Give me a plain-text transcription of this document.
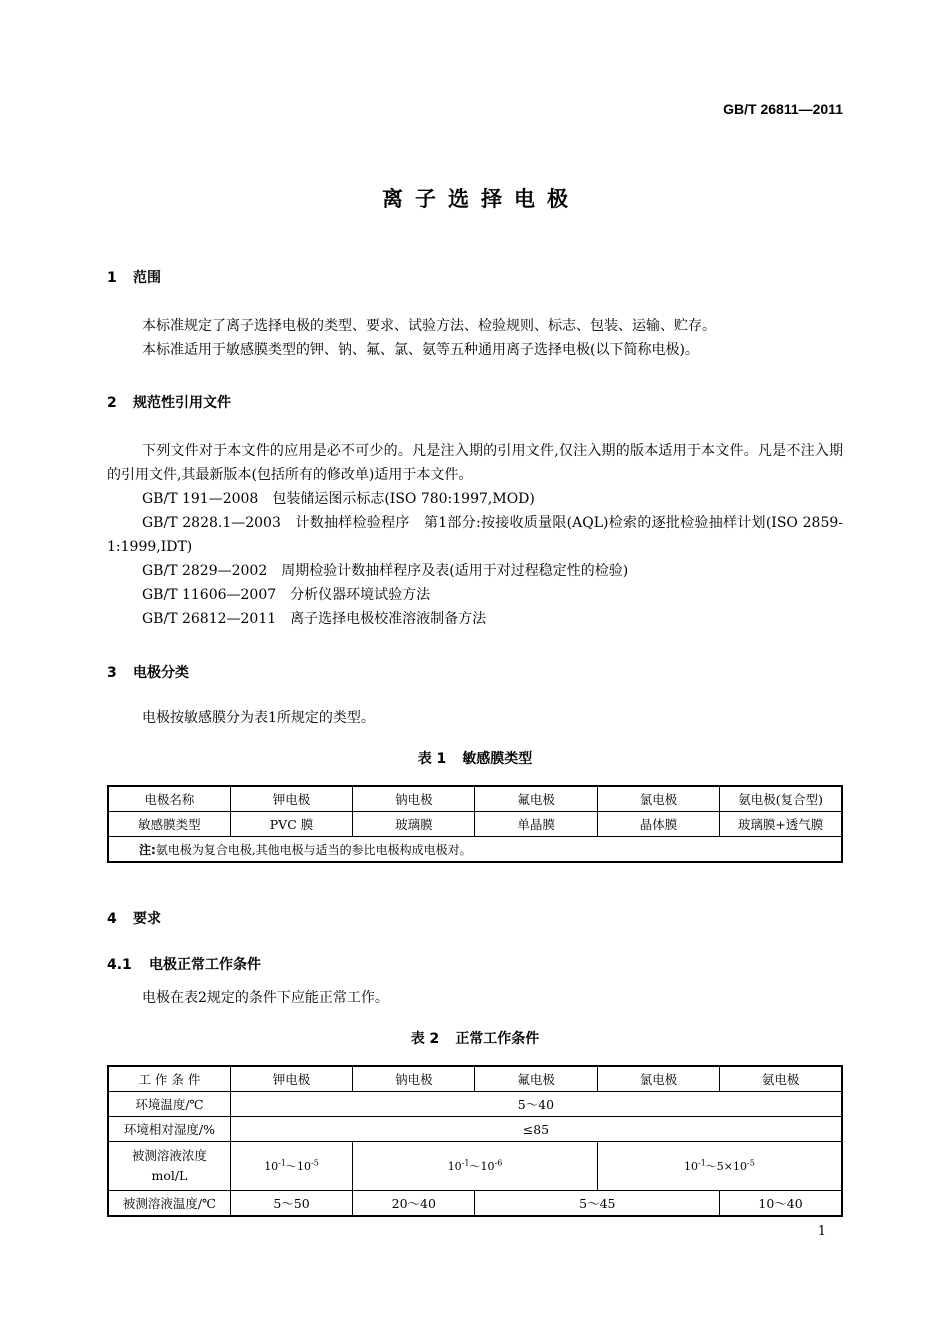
GB/T 26811—2011
离子选择电极
1 范围
本标准规定了离子选择电极的类型、要求、试验方法、检验规则、标志、包装、运输、贮存。
本标准适用于敏感膜类型的钾、钠、氟、氯、氨等五种通用离子选择电极(以下简称电极)。
2 规范性引用文件
下列文件对于本文件的应用是必不可少的。凡是注入期的引用文件,仅注入期的版本适用于本文件。凡是不注入期的引用文件,其最新版本(包括所有的修改单)适用于本文件。
GB/T 191—2008　包装储运图示标志(ISO 780:1997,MOD)
GB/T 2828.1—2003　计数抽样检验程序　第1部分:按接收质量限(AQL)检索的逐批检验抽样计划(ISO 2859-1:1999,IDT)
GB/T 2829—2002　周期检验计数抽样程序及表(适用于对过程稳定性的检验)
GB/T 11606—2007　分析仪器环境试验方法
GB/T 26812—2011　离子选择电极校准溶液制备方法
3 电极分类
电极按敏感膜分为表1所规定的类型。
表 1 敏感膜类型
电极名称	钾电极	钠电极	氟电极	氯电极	氨电极(复合型)
敏感膜类型	PVC 膜	玻璃膜	单晶膜	晶体膜	玻璃膜+透气膜
注:氨电极为复合电极,其他电极与适当的参比电极构成电极对。					
4 要求
4.1 电极正常工作条件
电极在表2规定的条件下应能正常工作。
表 2 正常工作条件
工 作 条 件	钾电极	钠电极	氟电极	氯电极	氨电极
环境温度/℃	5～40				
环境相对湿度/%	≤85				
被测溶液浓度
mol/L	$10^{-1}\sim 10^{-5}$	$10^{-1}\sim 10^{-6}$		$10^{-1}\sim 5\times 10^{-5}$
被测溶液温度/℃	5～50	20～40	5～45		10～40
1
